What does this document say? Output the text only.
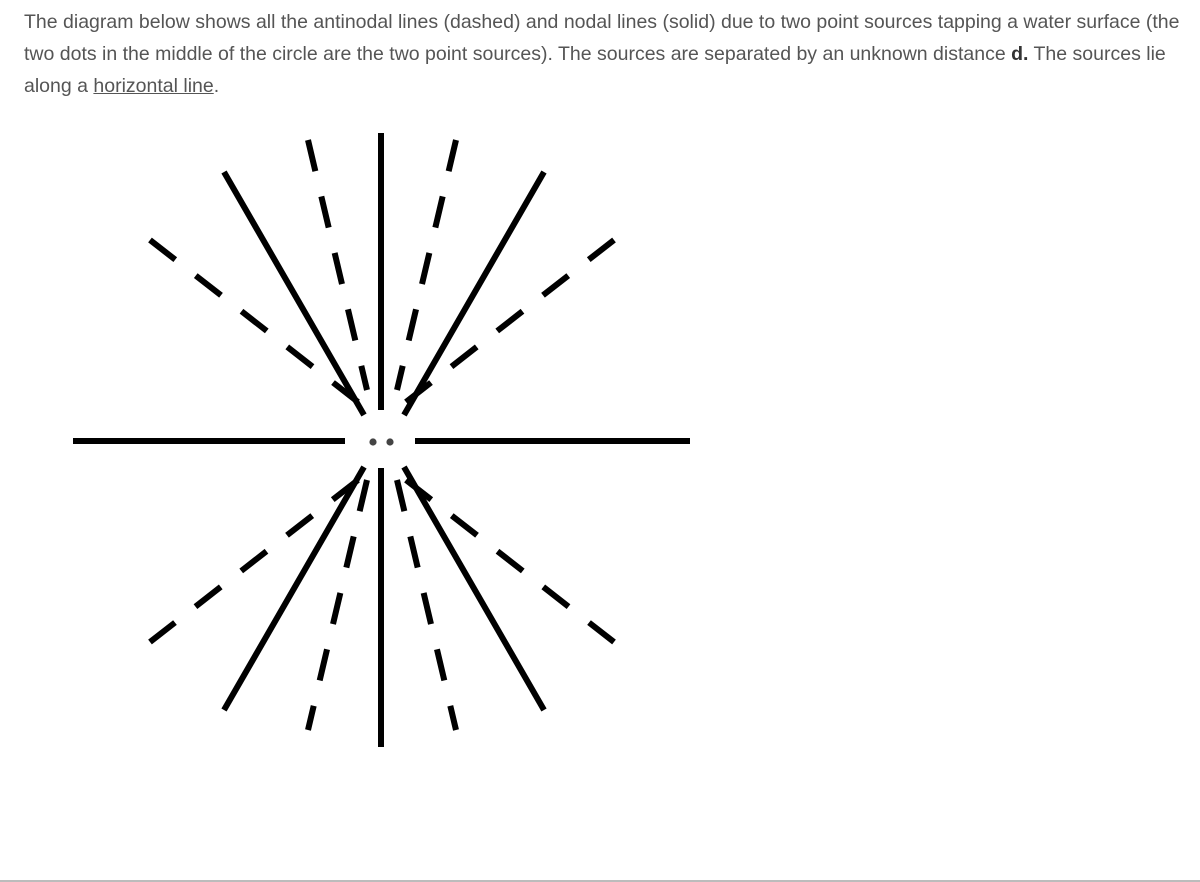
The diagram below shows all the antinodal lines (dashed) and nodal lines (solid) due to two point sources tapping a water surface (the two dots in the middle of the circle are the two point sources). The sources are separated by an unknown distance d. The sources lie along a horizontal line.
